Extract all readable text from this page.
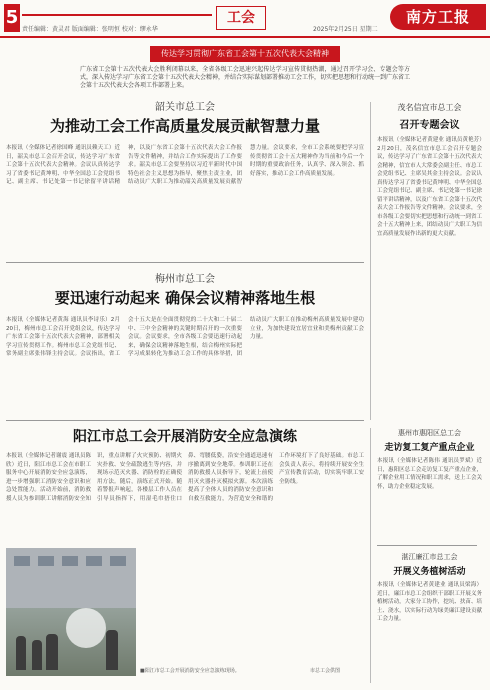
5
责任编辑：黄灵君 版面编辑：张明恒 校对：缪永华
工会
2025年2月25日 星期二
南方工报
传达学习贯彻广东省工会第十五次代表大会精神
广东省工会第十五次代表大会胜利闭幕以来，全省各级工会迅速兴起传达学习宣传贯彻热潮，通过召开学习会、专题会等方式，深入传达学习广东省工会第十五次代表大会精神，并结合实际谋划部署推动工会工作，切实把思想和行动统一到广东省工会第十五次代表大会各项工作部署上来。
韶关市总工会
为推动工会工作高质量发展贡献智慧力量
本报讯（全媒体记者徐国峰 通讯员赖天工）近日，韶关市总工会召开会议，传达学习广东省工会第十五次代表大会精神。会议认真传达学习了省委书记黄坤明、中华全国总工会党组书记、副主席、书记处第一书记徐留平讲话精神，以及广东省工会第十五次代表大会工作报告等文件精神，并结合工作实际提出了工作要求。韶关市总工会要坚持以习近平新时代中国特色社会主义思想为指导，聚焦主责主业，团结动员广大职工为推动韶关高质量发展贡献智慧力量。会议要求，全市工会系统要把学习宣传贯彻省工会十五大精神作为当前和今后一个时期的重要政治任务，认真学、深入领会、抓好落实，推动工会工作高质量发展。
梅州市总工会
要迅速行动起来 确保会议精神落地生根
本报讯（全媒体记者黄海 通讯员李诗乐）2月20日，梅州市总工会召开党组会议，传达学习广东省工会第十五次代表大会精神，部署相关学习宣传贯彻工作。梅州市总工会党组书记、常务副主席张伟锋主持会议。会议指出，省工会十五大是在全面贯彻党的二十大和二十届二中、三中全会精神的关键时期召开的一次重要会议。会议要求，全市各级工会要迅速行动起来，确保会议精神落地生根，结合梅州实际把学习成果转化为推动工会工作的具体举措，团结动员广大职工在推动梅州高质量发展中建功立业，为加快建设宜居宜业和美梅州贡献工会力量。
阳江市总工会开展消防安全应急演练
本报讯（全媒体记者谢震 通讯员陈欣）近日，阳江市总工会在市职工服务中心开展消防安全应急演练，进一步增强职工消防安全意识和应急处置能力。活动开始前，消防救援人员为参训职工讲解消防安全知识，重点讲解了火灾预防、初期火灾扑救、安全疏散逃生等内容，并现场示范灭火器、消防栓的正确使用方法。随后，演练正式开始。随着警报声响起，各楼层工作人员在引导员指挥下，用湿毛巾捂住口鼻、弯腰低姿，沿安全通道迅速有序撤离到安全地带。参训职工还在消防救援人员指导下，轮流上前使用灭火器扑灭模拟火源。本次演练提高了全体人员的消防安全意识和自救互救能力，为营造安全和谐的工作环境打下了良好基础。市总工会负责人表示，将持续开展安全生产宣传教育活动，切实筑牢职工安全防线。
■阳江市总工会开展消防安全应急演练现场。	市总工会供图
茂名信宜市总工会
召开专题会议
本报讯（全媒体记者黄建业 通讯员黄艳芳）2月20日，茂名信宜市总工会召开专题会议，传达学习了广东省工会第十五次代表大会精神，信宜市人大常委会副主任、市总工会党组书记、主席吴其金主持会议。会议认真传达学习了省委书记黄坤明、中华全国总工会党组书记、副主席、书记处第一书记徐留平讲话精神，以及广东省工会第十五次代表大会工作报告等文件精神。会议要求，全市各级工会要切实把思想和行动统一到省工会十五大精神上来，团结动员广大职工为信宜高质量发展作出新的更大贡献。
惠州市惠阳区总工会
走访复工复产重点企业
本报讯（全媒体记者陈伟 通讯员罗斌）近日，惠阳区总工会走访复工复产重点企业，了解企业用工情况和职工需求，送上工会关怀，助力企业稳定发展。
湛江廉江市总工会
开展义务植树活动
本报讯（全媒体记者黄建业 通讯员梁海）近日，廉江市总工会组织干部职工开展义务植树活动，大家分工协作，挖坑、扶苗、培土、浇水，以实际行动为绿美廉江建设贡献工会力量。
